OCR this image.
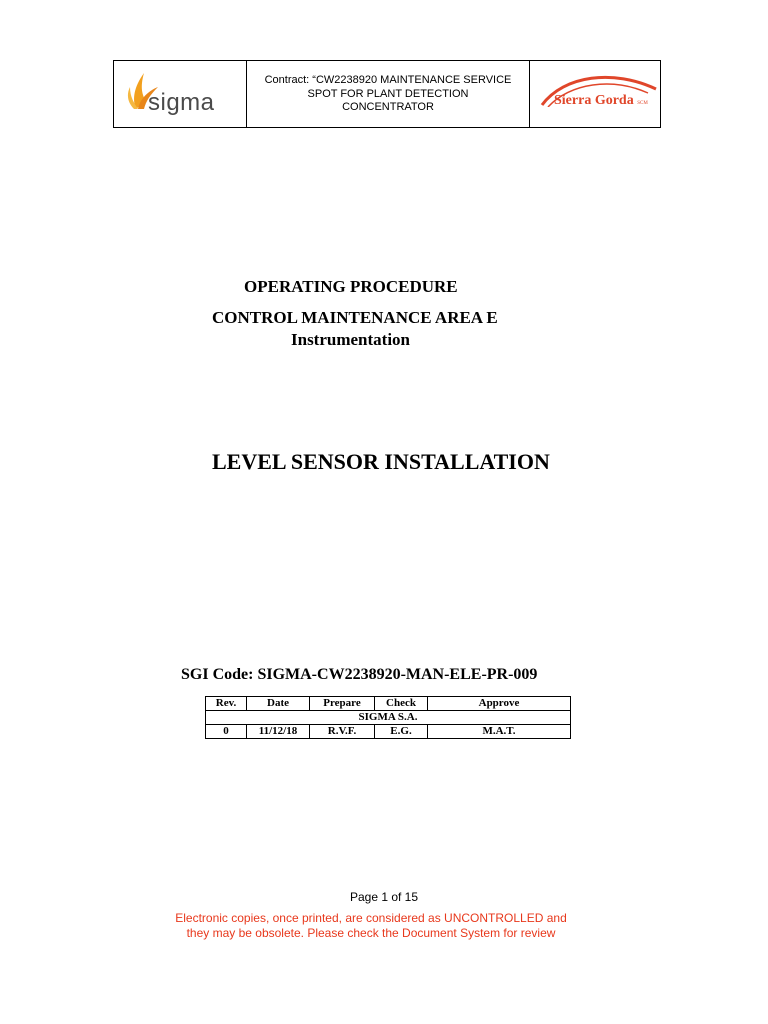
sigma
Contract: “CW2238920 MAINTENANCE SERVICE
SPOT FOR PLANT DETECTION
CONCENTRATOR	Sierra Gorda SCM
OPERATING PROCEDURE
CONTROL MAINTENANCE AREA E
Instrumentation
LEVEL SENSOR INSTALLATION
SGI Code: SIGMA-CW2238920-MAN-ELE-PR-009
Rev.	Date	Prepare	Check	Approve
SIGMA S.A.				
0	11/12/18	R.V.F.	E.G.	M.A.T.
Page 1 of 15
Electronic copies, once printed, are considered as UNCONTROLLED and
they may be obsolete. Please check the Document System for review
